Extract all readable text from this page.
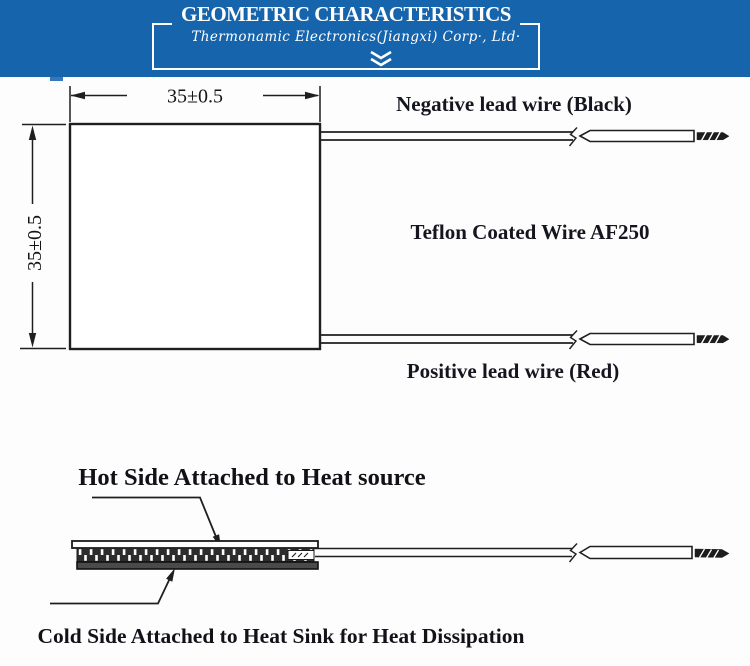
GEOMETRIC CHARACTERISTICS
Thermonamic Electronics(Jiangxi) Corp·, Ltd·
35±0.5
35±0.5
Negative lead wire (Black)
Teflon Coated Wire AF250
Positive lead wire (Red)
Hot Side Attached to Heat source
Cold Side Attached to Heat Sink for Heat Dissipation
